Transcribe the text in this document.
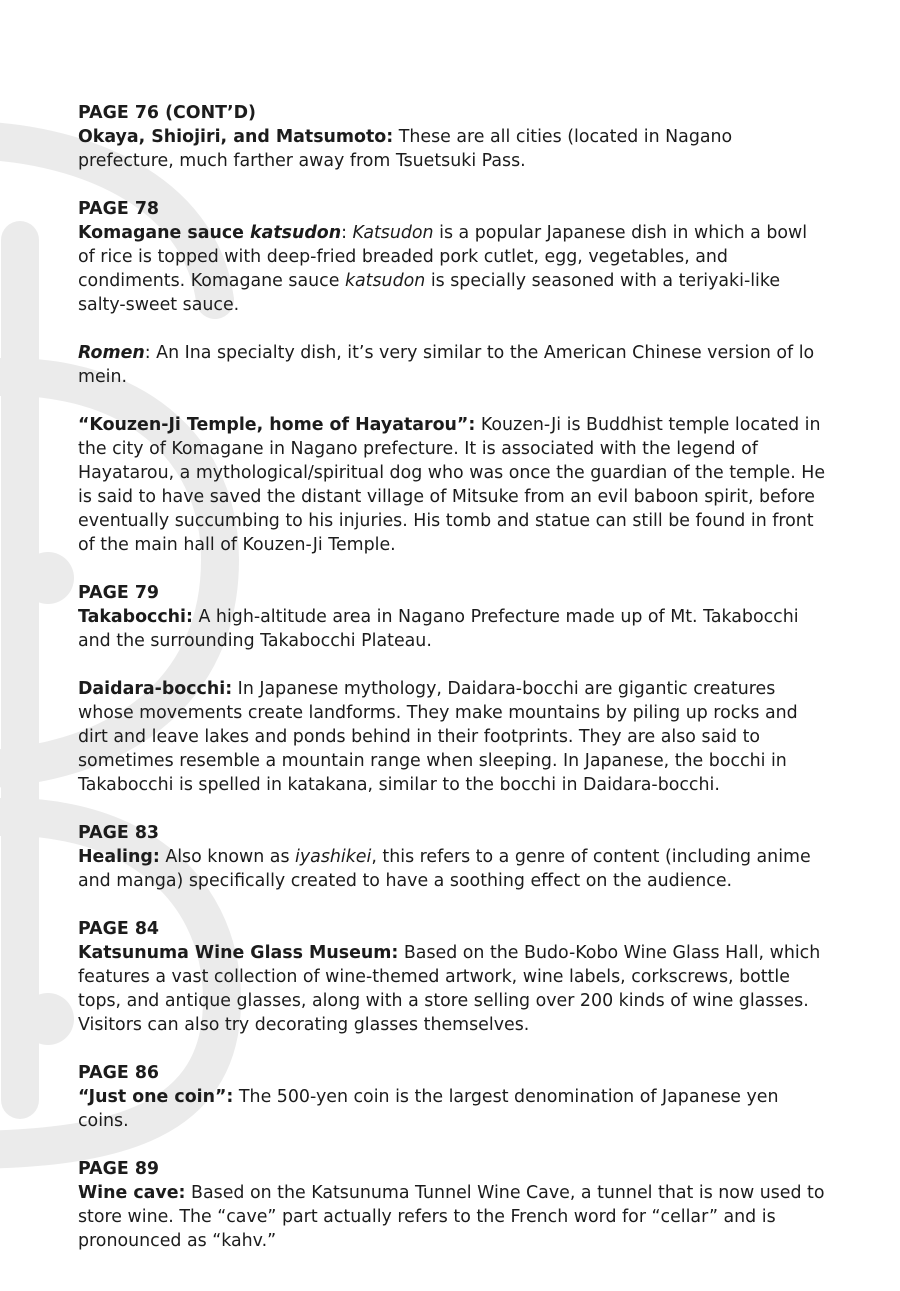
PAGE 76 (CONT’D)

Okaya, Shiojiri, and Matsumoto: These are all cities (located in Nagano prefecture, much farther away from Tsuetsuki Pass.

PAGE 78

Komagane sauce katsudon: Katsudon is a popular Japanese dish in which a bowl of rice is topped with deep-fried breaded pork cutlet, egg, vegetables, and condiments. Komagane sauce katsudon is specially seasoned with a teriyaki-like salty-sweet sauce.

Romen: An Ina specialty dish, it’s very similar to the American Chinese version of lo mein.

“Kouzen-Ji Temple, home of Hayatarou”: Kouzen-Ji is Buddhist temple located in the city of Komagane in Nagano prefecture. It is associated with the legend of Hayatarou, a mythological/spiritual dog who was once the guardian of the temple. He is said to have saved the distant village of Mitsuke from an evil baboon spirit, before eventually succumbing to his injuries. His tomb and statue can still be found in front of the main hall of Kouzen-Ji Temple.

PAGE 79

Takabocchi: A high-altitude area in Nagano Prefecture made up of Mt. Takabocchi and the surrounding Takabocchi Plateau.

Daidara-bocchi: In Japanese mythology, Daidara-bocchi are gigantic creatures whose movements create landforms. They make mountains by piling up rocks and dirt and leave lakes and ponds behind in their footprints. They are also said to sometimes resemble a mountain range when sleeping. In Japanese, the bocchi in Takabocchi is spelled in katakana, similar to the bocchi in Daidara-bocchi.

PAGE 83

Healing: Also known as iyashikei, this refers to a genre of content (including anime and manga) specifically created to have a soothing effect on the audience.

PAGE 84

Katsunuma Wine Glass Museum: Based on the Budo-Kobo Wine Glass Hall, which features a vast collection of wine-themed artwork, wine labels, corkscrews, bottle tops, and antique glasses, along with a store selling over 200 kinds of wine glasses. Visitors can also try decorating glasses themselves.

PAGE 86

“Just one coin”: The 500-yen coin is the largest denomination of Japanese yen coins.

PAGE 89

Wine cave: Based on the Katsunuma Tunnel Wine Cave, a tunnel that is now used to store wine. The “cave” part actually refers to the French word for “cellar” and is pronounced as “kahv.”
